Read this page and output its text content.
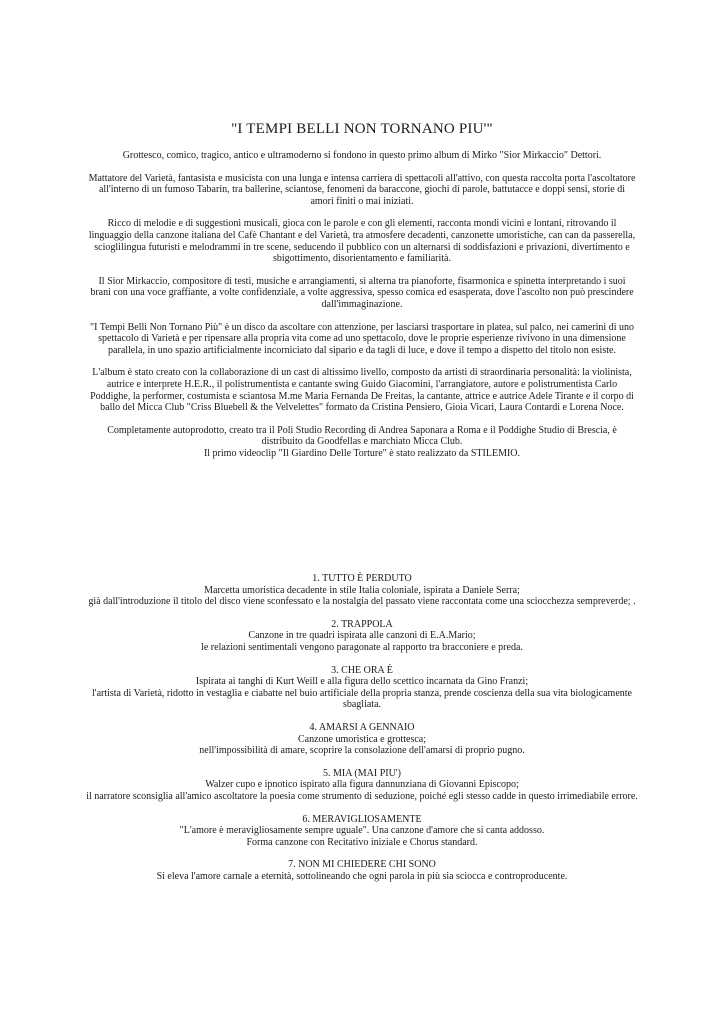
"I TEMPI BELLI NON TORNANO PIU'"

Grottesco, comico, tragico, antico e ultramoderno si fondono in questo primo album di Mirko "Sior Mirkaccio" Dettori.

Mattatore del Varietà, fantasista e musicista con una lunga e intensa carriera di spettacoli all'attivo, con questa raccolta porta l'ascoltatore all'interno di un fumoso Tabarin, tra ballerine, sciantose, fenomeni da baraccone, giochi di parole, battutacce e doppi sensi, storie di amori finiti o mai iniziati.

Ricco di melodie e di suggestioni musicali, gioca con le parole e con gli elementi, racconta mondi vicini e lontani, ritrovando il linguaggio della canzone italiana del Cafè Chantant e del Varietà, tra atmosfere decadenti, canzonette umoristiche, can can da passerella, scioglilingua futuristi e melodrammi in tre scene, seducendo il pubblico con un alternarsi di soddisfazioni e privazioni, divertimento e sbigottimento, disorientamento e familiarità.

Il Sior Mirkaccio, compositore di testi, musiche e arrangiamenti, si alterna tra pianoforte, fisarmonica e spinetta interpretando i suoi brani con una voce graffiante, a volte confidenziale, a volte aggressiva, spesso comica ed esasperata, dove l'ascolto non può prescindere dall'immaginazione.

"I Tempi Belli Non Tornano Più" è un disco da ascoltare con attenzione, per lasciarsi trasportare in platea, sul palco, nei camerini di uno spettacolo di Varietà e per ripensare alla propria vita come ad uno spettacolo, dove le proprie esperienze rivivono in una dimensione parallela, in uno spazio artificialmente incorniciato dal sipario e da tagli di luce, e dove il tempo a dispetto del titolo non esiste.

L'album è stato creato con la collaborazione di un cast di altissimo livello, composto da artisti di straordinaria personalità: la violinista, autrice e interprete H.E.R., il polistrumentista e cantante swing Guido Giacomini, l'arrangiatore, autore e polistrumentista Carlo Poddighe, la performer, costumista e sciantosa M.me Maria Fernanda De Freitas, la cantante, attrice e autrice Adele Tirante e il corpo di ballo del Micca Club "Criss Bluebell & the Velvelettes" formato da Cristina Pensiero, Gioia Vicari, Laura Contardi e Lorena Noce.

Completamente autoprodotto, creato tra il Poli Studio Recording di Andrea Saponara a Roma e il Poddighe Studio di Brescia, è distribuito da Goodfellas e marchiato Micca Club.

Il primo videoclip "Il Giardino Delle Torture" è stato realizzato da STILEMIO.

1. TUTTO È PERDUTO
Marcetta umoristica decadente in stile Italia coloniale, ispirata a Daniele Serra;
già dall'introduzione il titolo del disco viene sconfessato e la nostalgia del passato viene raccontata come una sciocchezza sempreverde; .
2. TRAPPOLA
Canzone in tre quadri ispirata alle canzoni di E.A.Mario;
le relazioni sentimentali vengono paragonate al rapporto tra bracconiere e preda.
3. CHE ORA È
Ispirata ai tanghi di Kurt Weill e alla figura dello scettico incarnata da Gino Franzi;
l'artista di Varietà, ridotto in vestaglia e ciabatte nel buio artificiale della propria stanza, prende coscienza della sua vita biologicamente sbagliata.
4. AMARSI A GENNAIO
Canzone umoristica e grottesca;
nell'impossibilità di amare, scoprire la consolazione dell'amarsi di proprio pugno.
5. MIA (MAI PIU')
Walzer cupo e ipnotico ispirato alla figura dannunziana di Giovanni Episcopo;
il narratore sconsiglia all'amico ascoltatore la poesia come strumento di seduzione, poiché egli stesso cadde in questo irrimediabile errore.
6. MERAVIGLIOSAMENTE
"L'amore è meravigliosamente sempre uguale". Una canzone d'amore che si canta addosso.
Forma canzone con Recitativo iniziale e Chorus standard.
7. NON MI CHIEDERE CHI SONO
Si eleva l'amore carnale a eternità, sottolineando che ogni parola in più sia sciocca e controproducente.
